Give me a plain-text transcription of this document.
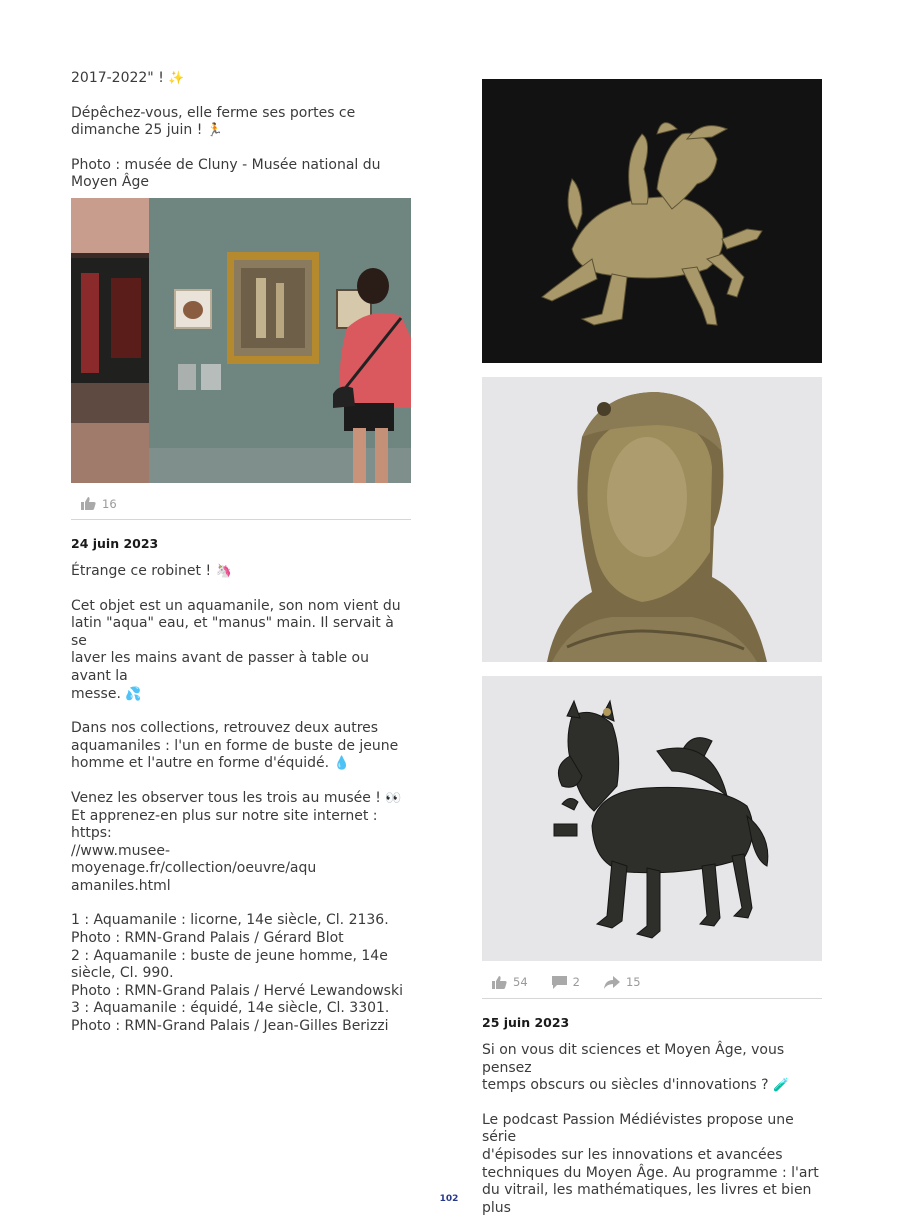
2017-2022" ! ✨

Dépêchez-vous, elle ferme ses portes ce
dimanche 25 juin ! 🏃

Photo : musée de Cluny - Musée national du
Moyen Âge

16

24 juin 2023

Étrange ce robinet ! 🦄

Cet objet est un aquamanile, son nom vient du
latin "aqua" eau, et "manus" main. Il servait à se
laver les mains avant de passer à table ou avant la
messe. 💦

Dans nos collections, retrouvez deux autres
aquamaniles : l'un en forme de buste de jeune
homme et l'autre en forme d'équidé. 💧

Venez les observer tous les trois au musée ! 👀

Et apprenez-en plus sur notre site internet : https:
//www.musee-moyenage.fr/collection/oeuvre/aqu
amaniles.html

1 : Aquamanile : licorne, 14e siècle, Cl. 2136.
Photo : RMN-Grand Palais / Gérard Blot
2 : Aquamanile : buste de jeune homme, 14e
siècle, Cl. 990.
Photo : RMN-Grand Palais / Hervé Lewandowski
3 : Aquamanile : équidé, 14e siècle, Cl. 3301.
Photo : RMN-Grand Palais / Jean-Gilles Berizzi

54	2	15

25 juin 2023

Si on vous dit sciences et Moyen Âge, vous pensez
temps obscurs ou siècles d'innovations ? 🧪

Le podcast Passion Médiévistes propose une série
d'épisodes sur les innovations et avancées
techniques du Moyen Âge. Au programme : l'art
du vitrail, les mathématiques, les livres et bien plus

102
